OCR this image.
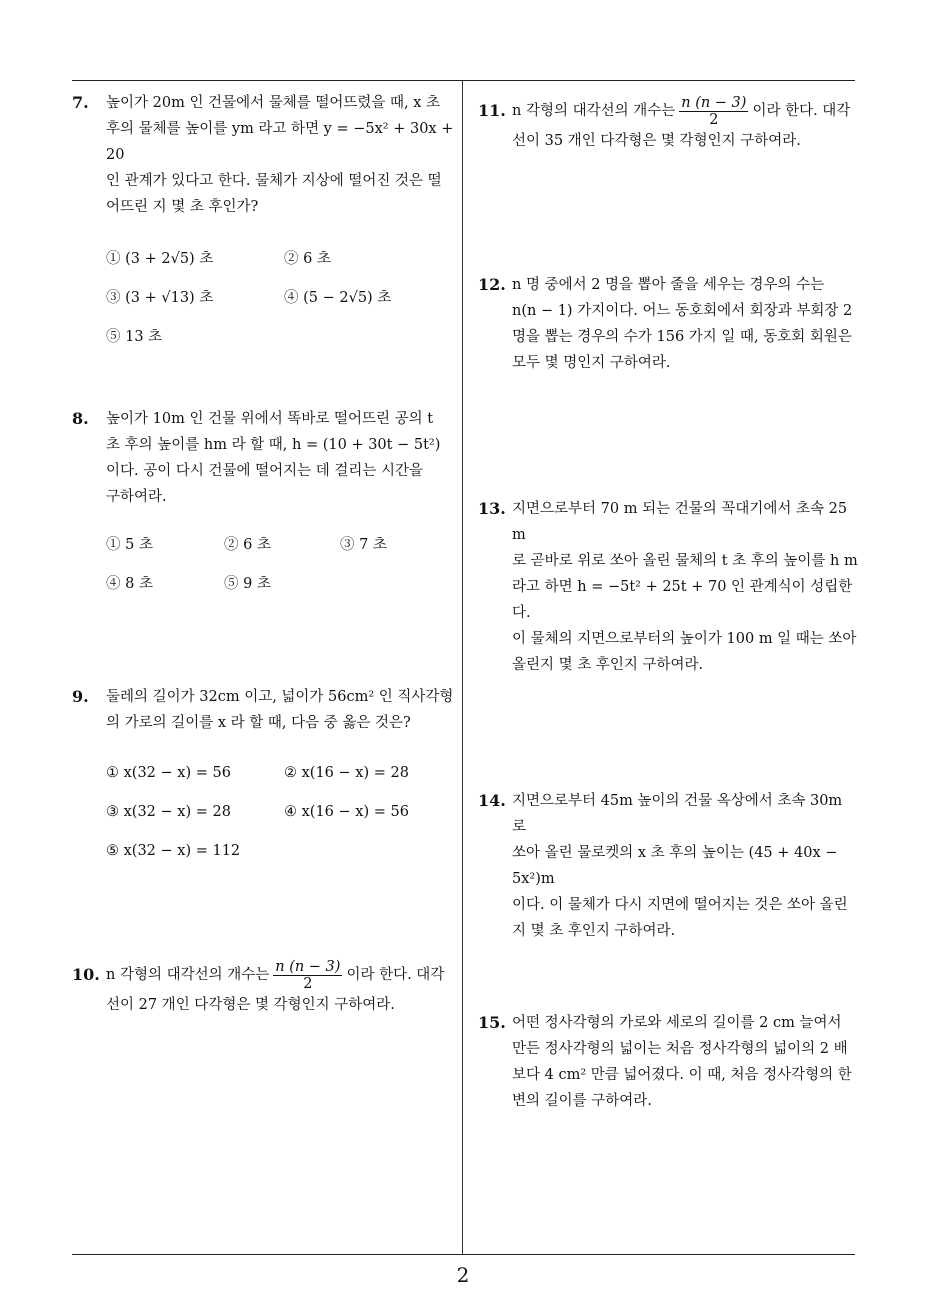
7. 높이가 20m 인 건물에서 물체를 떨어뜨렸을 때, x 초

후의 물체를 높이를 ym 라고 하면 y = −5x² + 30x + 20

인 관계가 있다고 한다. 물체가 지상에 떨어진 것은 떨

어뜨린 지 몇 초 후인가?

① (3 + 2√5) 초	② 6 초
③ (3 + √13) 초	④ (5 − 2√5) 초
⑤ 13 초
8. 높이가 10m 인 건물 위에서 똑바로 떨어뜨린 공의 t

초 후의 높이를 hm 라 할 때, h = (10 + 30t − 5t²)

이다. 공이 다시 건물에 떨어지는 데 걸리는 시간을

구하여라.

① 5 초	② 6 초	③ 7 초
④ 8 초	⑤ 9 초
9. 둘레의 길이가 32cm 이고, 넓이가 56cm² 인 직사각형

의 가로의 길이를 x 라 할 때, 다음 중 옳은 것은?

① x(32 − x) = 56	② x(16 − x) = 28
③ x(32 − x) = 28	④ x(16 − x) = 56
⑤ x(32 − x) = 112
10. n 각형의 대각선의 개수는 $\frac{n (n - 3)}{2}$ 이라 한다. 대각

선이 27 개인 다각형은 몇 각형인지 구하여라.

11. n 각형의 대각선의 개수는 $\frac{n (n - 3)}{2}$ 이라 한다. 대각

선이 35 개인 다각형은 몇 각형인지 구하여라.

12. n 명 중에서 2 명을 뽑아 줄을 세우는 경우의 수는

n(n − 1) 가지이다. 어느 동호회에서 회장과 부회장 2

명을 뽑는 경우의 수가 156 가지 일 때, 동호회 회원은

모두 몇 명인지 구하여라.

13. 지면으로부터 70 m 되는 건물의 꼭대기에서 초속 25 m

로 곧바로 위로 쏘아 올린 물체의 t 초 후의 높이를 h m

라고 하면 h = −5t² + 25t + 70 인 관계식이 성립한다.

이 물체의 지면으로부터의 높이가 100 m 일 때는 쏘아

올린지 몇 초 후인지 구하여라.

14. 지면으로부터 45m 높이의 건물 옥상에서 초속 30m 로

쏘아 올린 물로켓의 x 초 후의 높이는 (45 + 40x − 5x²)m

이다. 이 물체가 다시 지면에 떨어지는 것은 쏘아 올린

지 몇 초 후인지 구하여라.

15. 어떤 정사각형의 가로와 세로의 길이를 2 cm 늘여서

만든 정사각형의 넓이는 처음 정사각형의 넓이의 2 배

보다 4 cm² 만큼 넓어졌다. 이 때, 처음 정사각형의 한

변의 길이를 구하여라.

2
